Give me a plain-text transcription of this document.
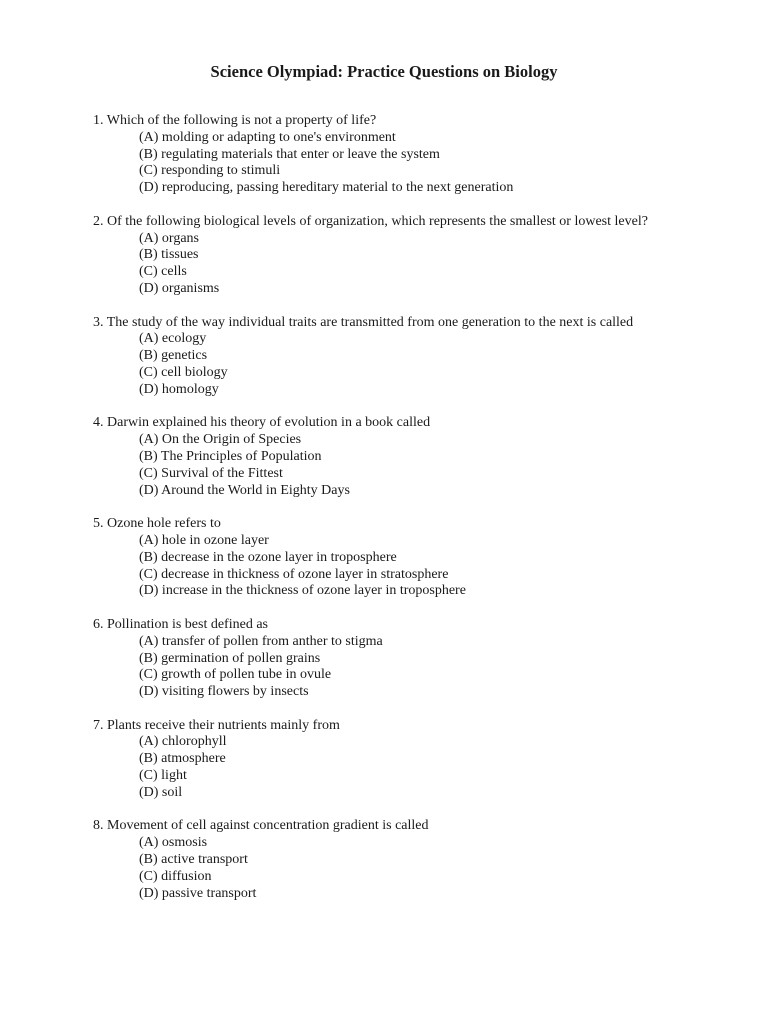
Science Olympiad: Practice Questions on Biology

1. Which of the following is not a property of life?

(A) molding or adapting to one's environment

(B) regulating materials that enter or leave the system

(C) responding to stimuli

(D) reproducing, passing hereditary material to the next generation

2. Of the following biological levels of organization, which represents the smallest or lowest level?

(A) organs

(B) tissues

(C) cells

(D) organisms

3. The study of the way individual traits are transmitted from one generation to the next is called

(A) ecology

(B) genetics

(C) cell biology

(D) homology

4. Darwin explained his theory of evolution in a book called

(A) On the Origin of Species

(B) The Principles of Population

(C) Survival of the Fittest

(D) Around the World in Eighty Days

5. Ozone hole refers to

(A) hole in ozone layer

(B) decrease in the ozone layer in troposphere

(C) decrease in thickness of ozone layer in stratosphere

(D) increase in the thickness of ozone layer in troposphere

6. Pollination is best defined as

(A) transfer of pollen from anther to stigma

(B) germination of pollen grains

(C) growth of pollen tube in ovule

(D) visiting flowers by insects

7. Plants receive their nutrients mainly from

(A) chlorophyll

(B) atmosphere

(C) light

(D) soil

8. Movement of cell against concentration gradient is called

(A) osmosis

(B) active transport

(C) diffusion

(D) passive transport
